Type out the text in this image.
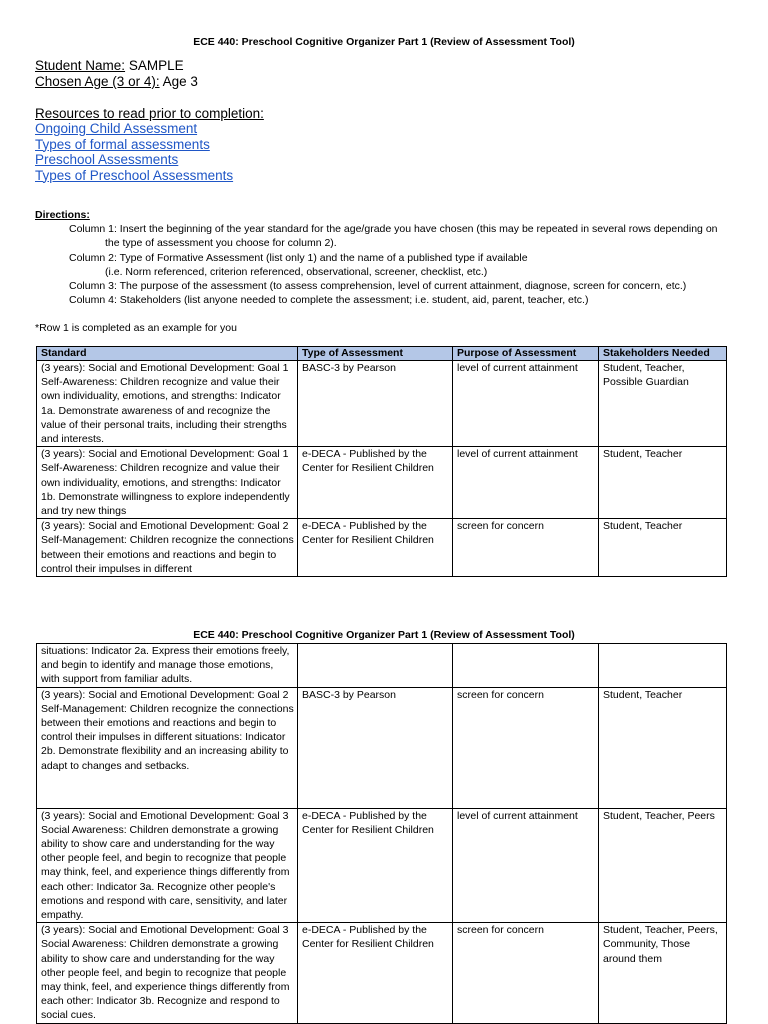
ECE 440: Preschool Cognitive Organizer Part 1 (Review of Assessment Tool)
Student Name: SAMPLE
Chosen Age (3 or 4): Age 3
Resources to read prior to completion:
Ongoing Child Assessment
Types of formal assessments
Preschool Assessments
Types of Preschool Assessments
Directions:
Column 1: Insert the beginning of the year standard for the age/grade you have chosen (this may be repeated in several rows depending on
the type of assessment you choose for column 2).
Column 2: Type of Formative Assessment (list only 1) and the name of a published type if available
(i.e. Norm referenced, criterion referenced, observational, screener, checklist, etc.)
Column 3: The purpose of the assessment (to assess comprehension, level of current attainment, diagnose, screen for concern, etc.)
Column 4: Stakeholders (list anyone needed to complete the assessment; i.e. student, aid, parent, teacher, etc.)
*Row 1 is completed as an example for you
Standard	Type of Assessment	Purpose of Assessment	Stakeholders Needed
(3 years): Social and Emotional Development: Goal 1 Self-Awareness: Children recognize and value their own individuality, emotions, and strengths: Indicator 1a. Demonstrate awareness of and recognize the value of their personal traits, including their strengths and interests.	BASC-3 by Pearson	level of current attainment	Student, Teacher, Possible Guardian
(3 years): Social and Emotional Development: Goal 1 Self-Awareness: Children recognize and value their own individuality, emotions, and strengths: Indicator 1b. Demonstrate willingness to explore independently and try new things	e-DECA - Published by the Center for Resilient Children	level of current attainment	Student, Teacher
(3 years): Social and Emotional Development: Goal 2 Self-Management: Children recognize the connections between their emotions and reactions and begin to control their impulses in different	e-DECA - Published by the Center for Resilient Children	screen for concern	Student, Teacher
ECE 440: Preschool Cognitive Organizer Part 1 (Review of Assessment Tool)
situations: Indicator 2a. Express their emotions freely, and begin to identify and manage those emotions, with support from familiar adults.			
(3 years): Social and Emotional Development: Goal 2 Self-Management: Children recognize the connections between their emotions and reactions and begin to control their impulses in different situations: Indicator 2b. Demonstrate flexibility and an increasing ability to adapt to changes and setbacks.	BASC-3 by Pearson	screen for concern	Student, Teacher
(3 years): Social and Emotional Development: Goal 3 Social Awareness: Children demonstrate a growing ability to show care and understanding for the way other people feel, and begin to recognize that people may think, feel, and experience things differently from each other: Indicator 3a. Recognize other people's emotions and respond with care, sensitivity, and later empathy.	e-DECA - Published by the Center for Resilient Children	level of current attainment	Student, Teacher, Peers
(3 years): Social and Emotional Development: Goal 3 Social Awareness: Children demonstrate a growing ability to show care and understanding for the way other people feel, and begin to recognize that people may think, feel, and experience things differently from each other: Indicator 3b. Recognize and respond to social cues.	e-DECA - Published by the Center for Resilient Children	screen for concern	Student, Teacher, Peers, Community, Those around them
